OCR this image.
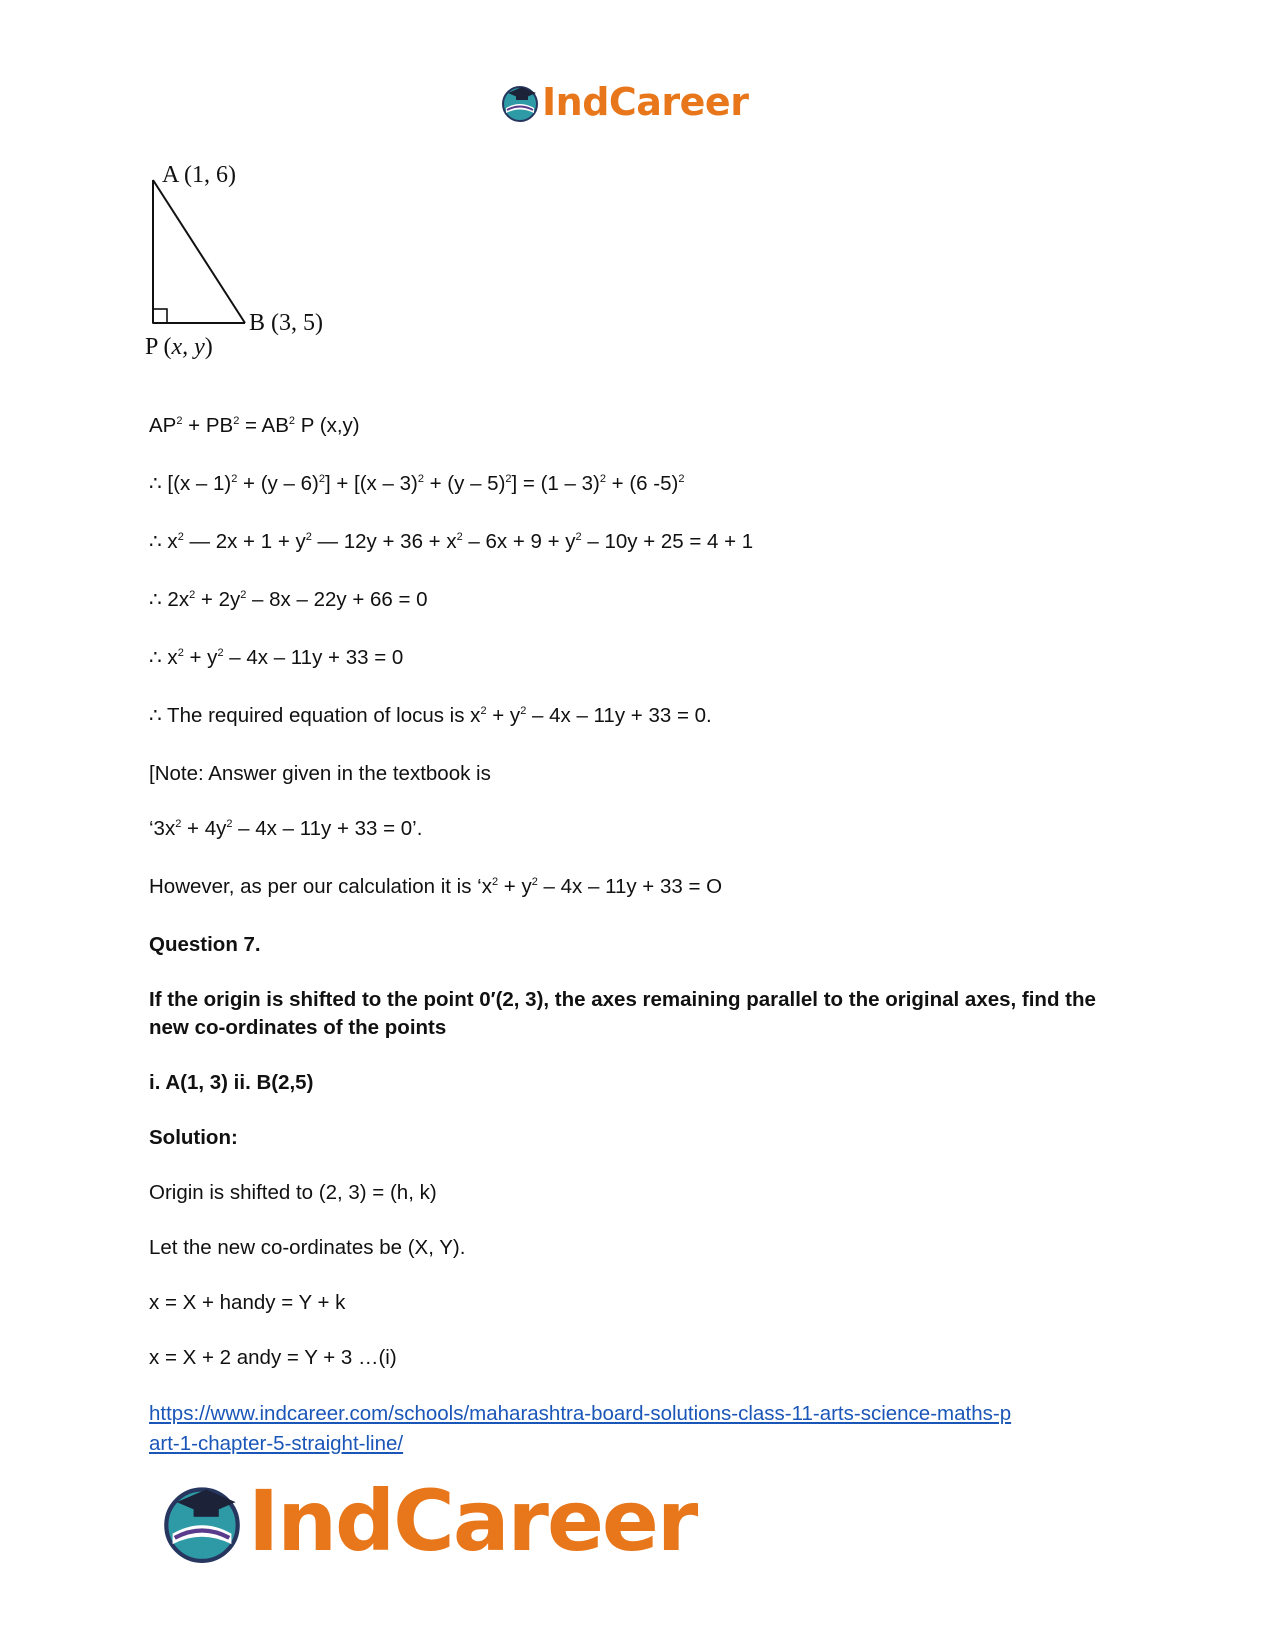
IndCareer
A (1, 6)
B (3, 5)
P (x, y)

$AP^2 + PB^2 = AB^2$ P (x,y)

∴ [(x – 1)$^2$ + (y – 6)$^2$] + [(x – 3)$^2$ + (y – 5)$^2$] = (1 – 3)$^2$ + (6 -5)$^2$

∴ $x^2$ — $2x + 1 + y^2$ — $12y + 36 + x^2 - 6x + 9 + y^2 - 10y + 25 = 4 + 1$

∴ $2x^2 + 2y^2 - 8x - 22y + 66 = 0$

∴ $x^2 + y^2 - 4x - 11y + 33 = 0$

∴ The required equation of locus is $x^2 + y^2 - 4x - 11y + 33 = 0$.

[Note: Answer given in the textbook is

‘$3x^2 + 4y^2 - 4x - 11y + 33 = 0$’.

However, as per our calculation it is ‘$x^2 + y^2 - 4x - 11y + 33 = O$

Question 7.

If the origin is shifted to the point 0′(2, 3), the axes remaining parallel to the original axes, find the new co-ordinates of the points

i. A(1, 3) ii. B(2,5)

Solution:

Origin is shifted to (2, 3) = (h, k)

Let the new co-ordinates be (X, Y).

x = X + handy = Y + k

x = X + 2 andy = Y + 3 …(i)

https://www.indcareer.com/schools/maharashtra-board-solutions-class-11-arts-science-maths-p
art-1-chapter-5-straight-line/
IndCareer
